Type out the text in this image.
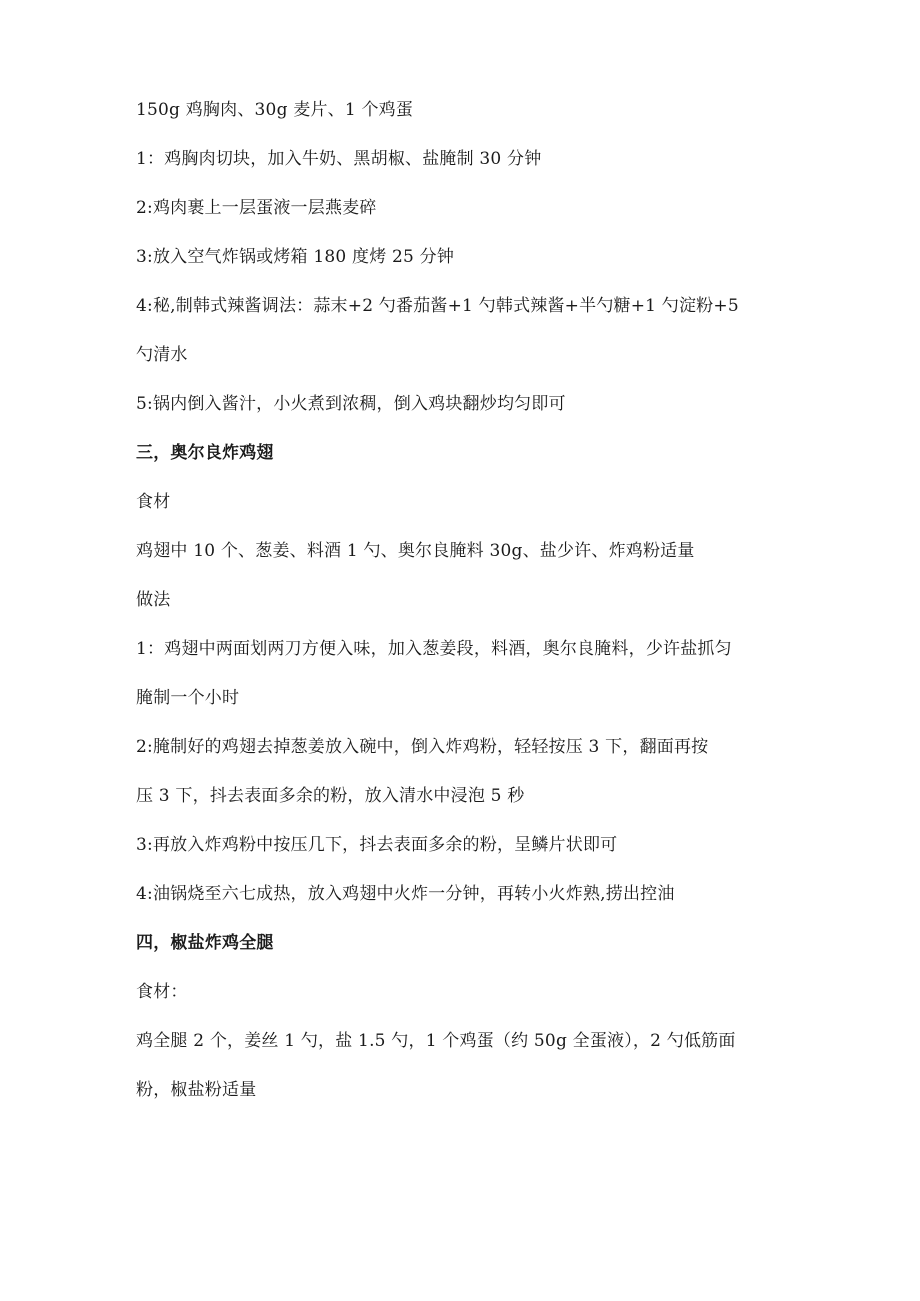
150g 鸡胸肉、30g 麦片、1 个鸡蛋
1：鸡胸肉切块，加入牛奶、黑胡椒、盐腌制 30 分钟
2:鸡肉裹上一层蛋液一层燕麦碎
3:放入空气炸锅或烤箱 180 度烤 25 分钟
4:秘,制韩式辣酱调法：蒜末+2 勺番茄酱+1 勺韩式辣酱+半勺糖+1 勺淀粉+5
勺清水
5:锅内倒入酱汁，小火煮到浓稠，倒入鸡块翻炒均匀即可
三，奥尔良炸鸡翅
食材
鸡翅中 10 个、葱姜、料酒 1 勺、奥尔良腌料 30g、盐少许、炸鸡粉适量
做法
1：鸡翅中两面划两刀方便入味，加入葱姜段，料酒，奥尔良腌料，少许盐抓匀
腌制一个小时
2:腌制好的鸡翅去掉葱姜放入碗中，倒入炸鸡粉，轻轻按压 3 下，翻面再按
压 3 下，抖去表面多余的粉，放入清水中浸泡 5 秒
3:再放入炸鸡粉中按压几下，抖去表面多余的粉，呈鳞片状即可
4:油锅烧至六七成热，放入鸡翅中火炸一分钟，再转小火炸熟,捞出控油
四，椒盐炸鸡全腿
食材：
鸡全腿 2 个，姜丝 1 勺，盐 1.5 勺，1 个鸡蛋（约 50g 全蛋液），2 勺低筋面
粉，椒盐粉适量
